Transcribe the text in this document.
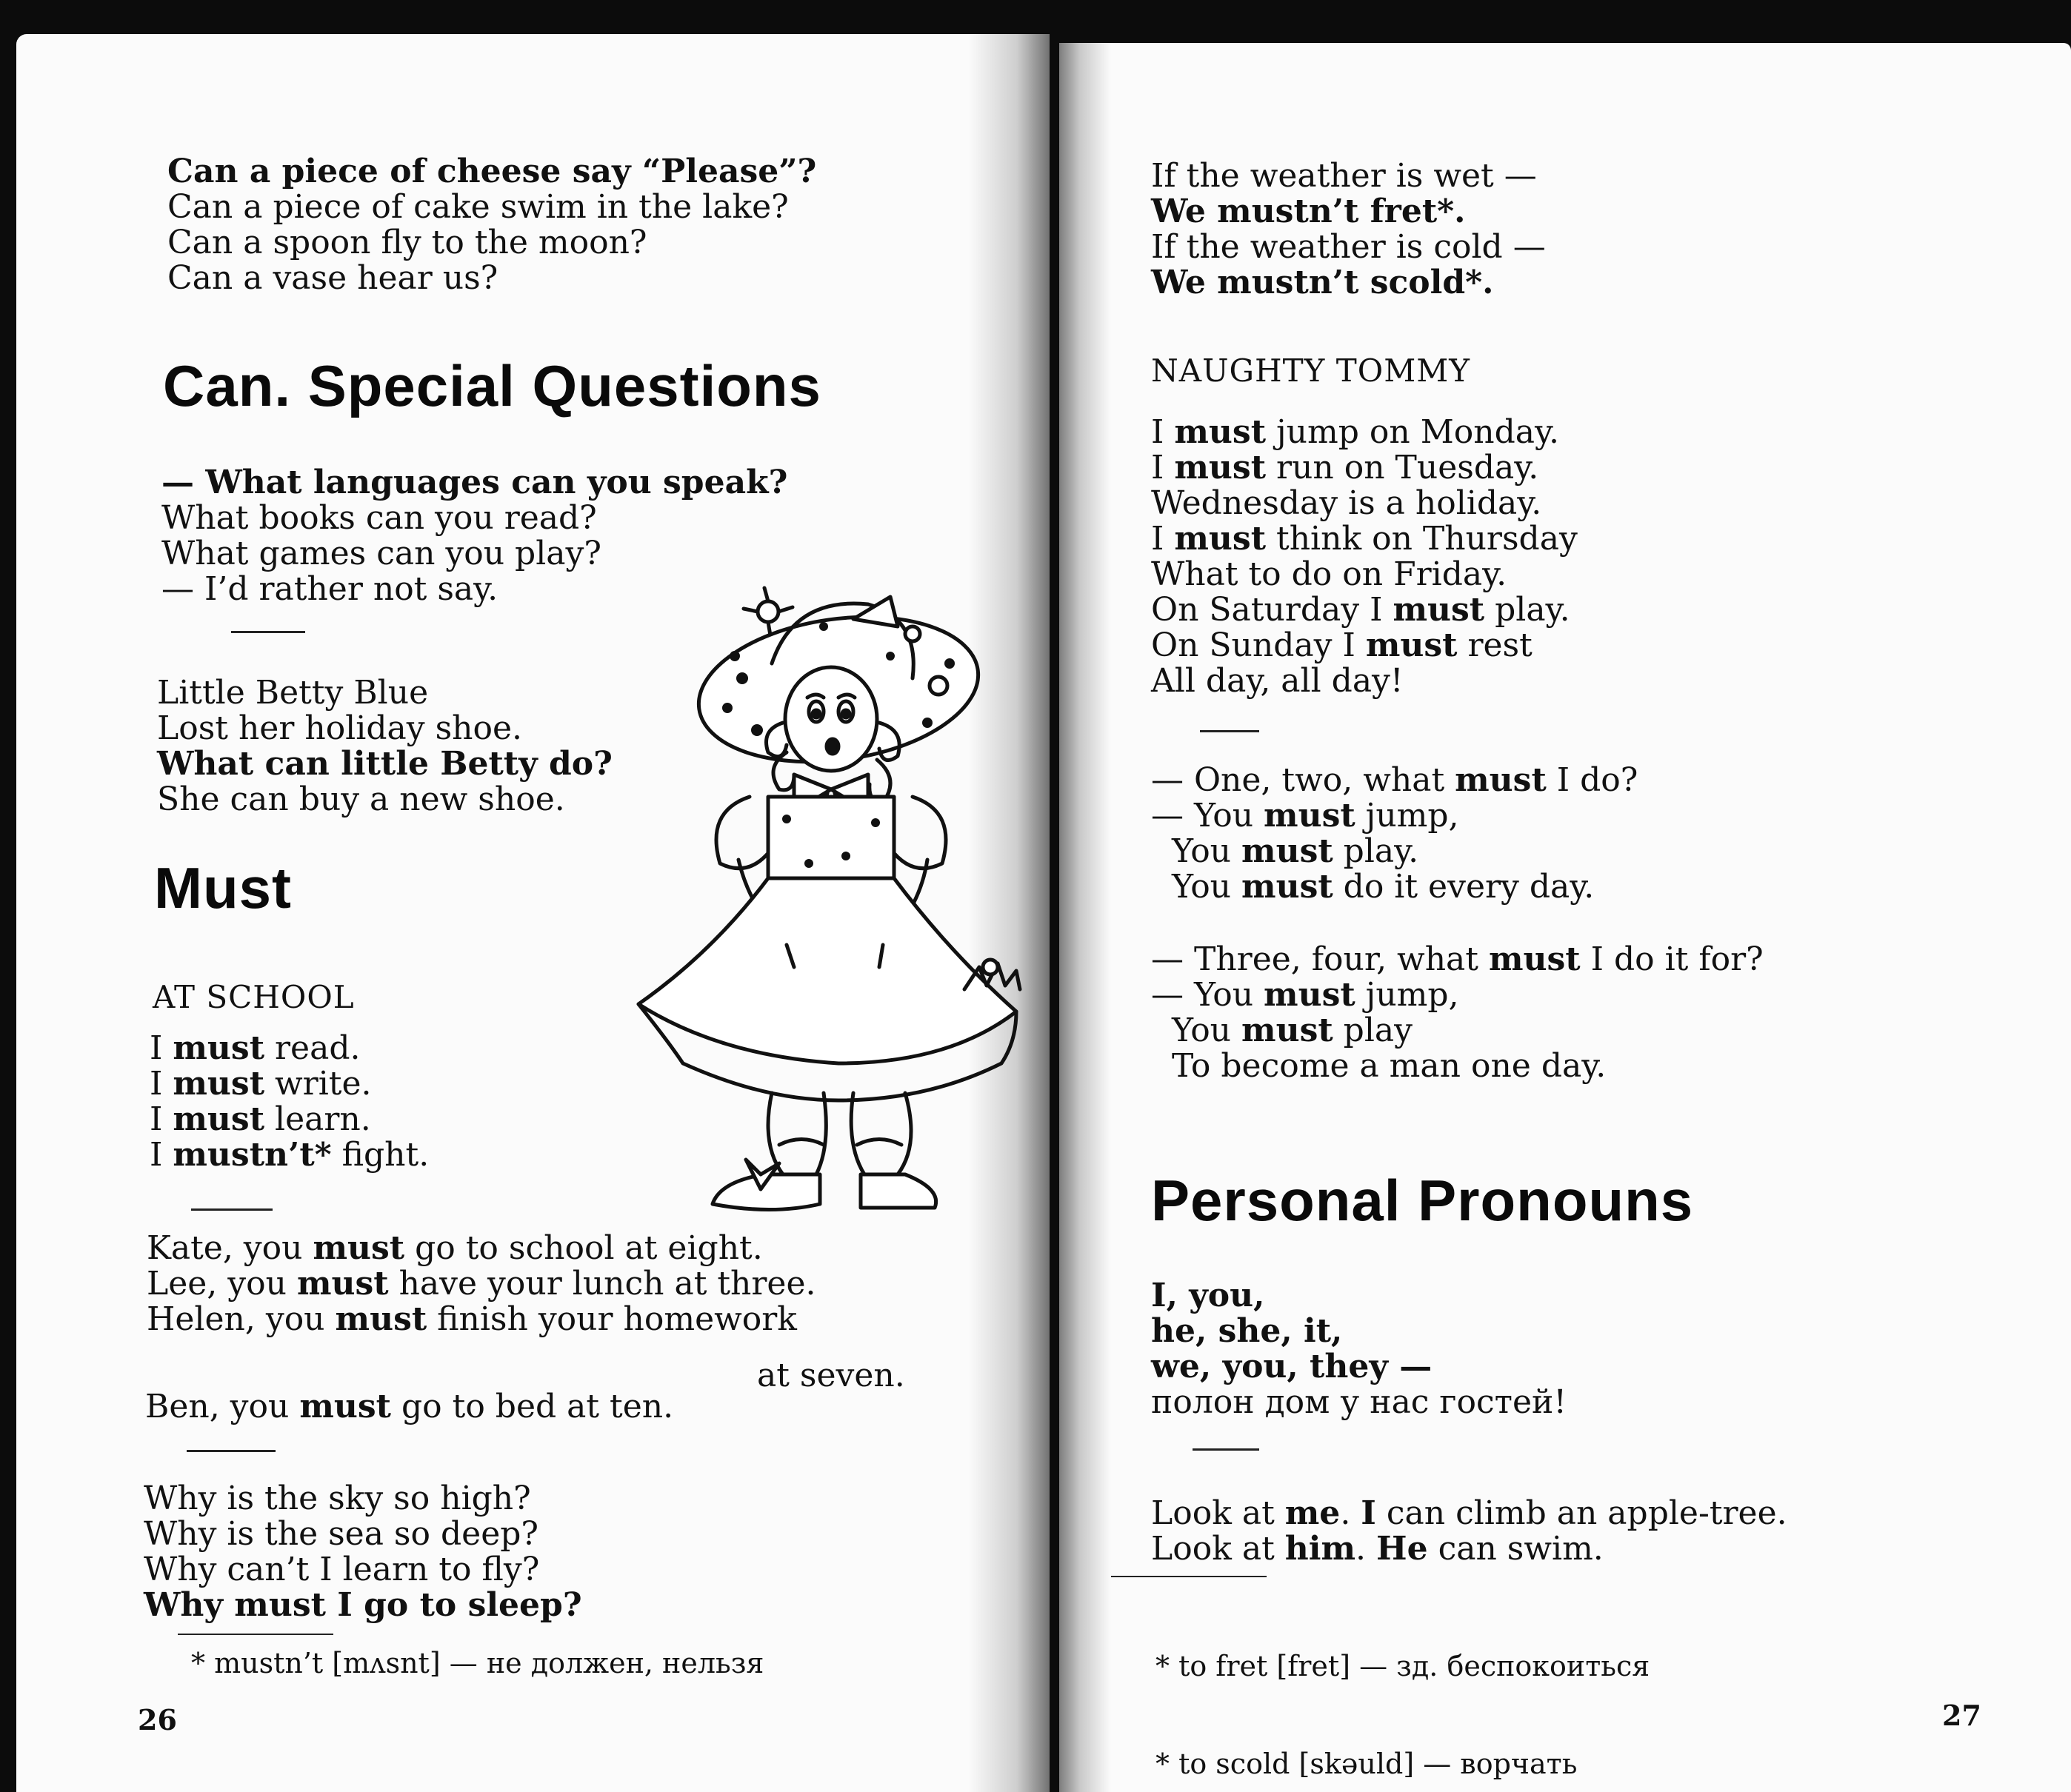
Can a piece of cheese say “Please”?
Can a piece of cake swim in the lake?
Can a spoon fly to the moon?
Can a vase hear us?
Can. Special Questions
— What languages can you speak?
What books can you read?
What games can you play?
— I’d rather not say.
Little Betty Blue
Lost her holiday shoe.
What can little Betty do?
She can buy a new shoe.
Must
AT SCHOOL
I must read.
I must write.
I must learn.
I mustn’t* fight.
Kate, you must go to school at eight.
Lee, you must have your lunch at three.
Helen, you must finish your homework
at seven.
Ben, you must go to bed at ten.
Why is the sky so high?
Why is the sea so deep?
Why can’t I learn to fly?
Why must I go to sleep?
* mustn’t [mʌsnt] — не должен, нельзя
26
If the weather is wet —
We mustn’t fret*.
If the weather is cold —
We mustn’t scold*.
NAUGHTY TOMMY
I must jump on Monday.
I must run on Tuesday.
Wednesday is a holiday.
I must think on Thursday
What to do on Friday.
On Saturday I must play.
On Sunday I must rest
All day, all day!
— One, two, what must I do?
— You must jump,
You must play.
You must do it every day.
— Three, four, what must I do it for?
— You must jump,
You must play
To become a man one day.
Personal Pronouns
I, you,
he, she, it,
we, you, they —
полон дом у нас гостей!
Look at me. I can climb an apple-tree.
Look at him. He can swim.

* to fret [fret] — зд. беспокоиться

* to scold [skəuld] — ворчать

27
